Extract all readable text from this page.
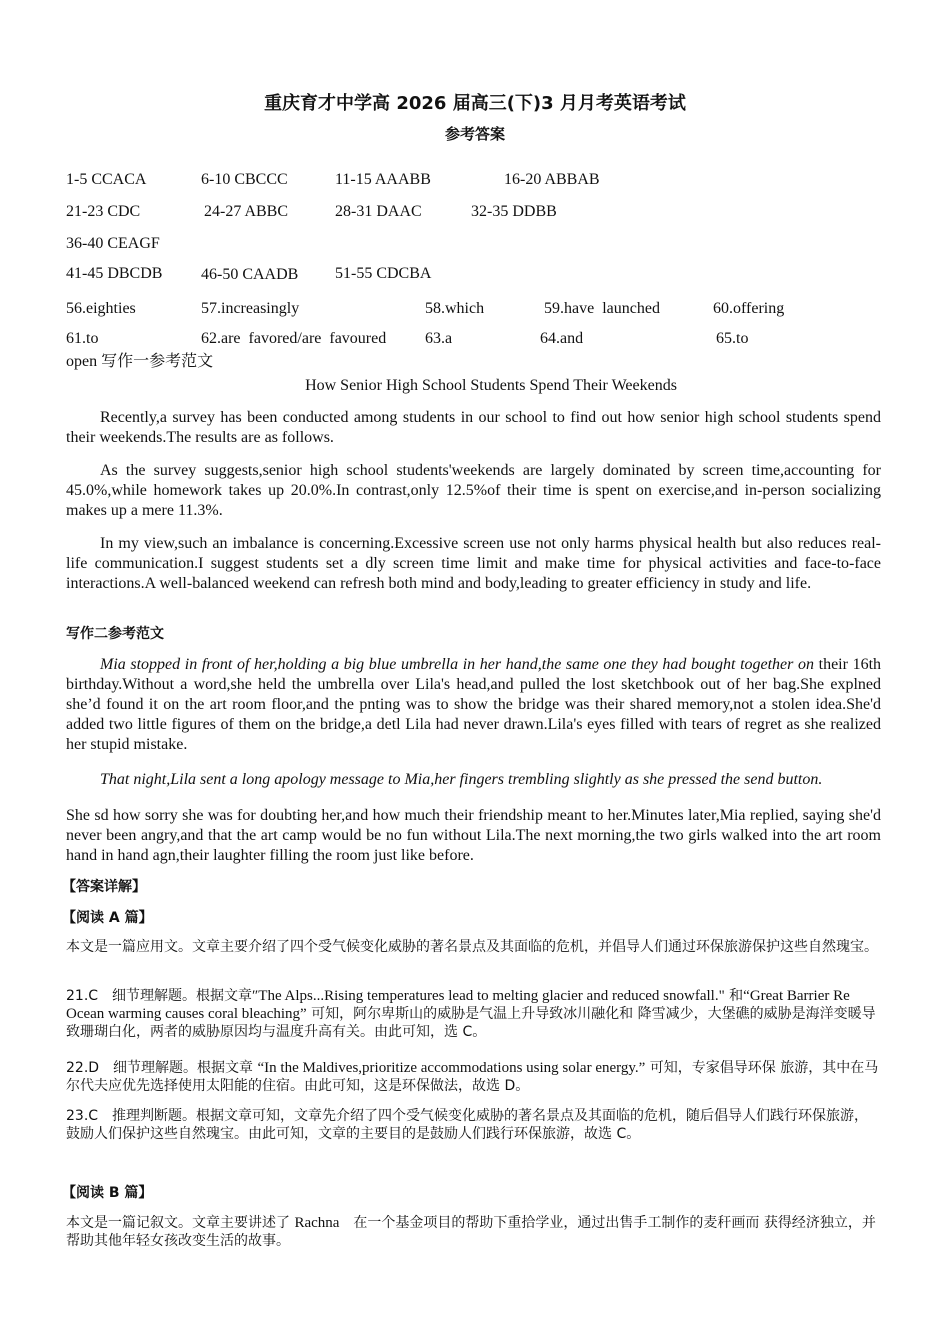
重庆育才中学高 2026 届高三(下)3 月月考英语考试
参考答案
1-5 CCACA	6-10 CBCCC	11-15 AAABB	16-20 ABBAB
21-23 CDC	24-27 ABBC	28-31 DAAC	32-35 DDBB
36-40 CEAGF
41-45 DBCDB 46-50 CAADB 51-55 CDCBA
56.eighties	57.increasingly	58.which	59.have  launched	60.offering
61.to	62.are  favored/are  favoured 63.a	64.and	65.to
open 写作一参考范文
How Senior High School Students Spend Their Weekends
Recently,a survey has been conducted among students in our school to find out how senior high school students spend their weekends.The results are as follows.
As the survey suggests,senior high school students'weekends are largely dominated by screen time,accounting for 45.0%,while homework takes up 20.0%.In contrast,only 12.5%of their time is spent on exercise,and in-person socializing makes up a mere 11.3%.
In my view,such an imbalance is concerning.Excessive screen use not only harms physical health but also reduces real-life communication.I suggest students set a dly screen time limit and make time for physical activities and face-to-face interactions.A well-balanced weekend can refresh both mind and body,leading to greater efficiency in study and life.
写作二参考范文
Mia stopped in front of her,holding a big blue umbrella in her hand,the same one they had bought together on their 16th birthday.Without a word,she held the umbrella over Lila's head,and pulled the lost sketchbook out of her bag.She explned she’d found it on the art room floor,and the pnting was to show the bridge was their shared memory,not a stolen idea.She'd added two little figures of them on the bridge,a detl Lila had never drawn.Lila's eyes filled with tears of regret as she realized her stupid mistake.
That night,Lila sent a long apology message to Mia,her fingers trembling slightly as she pressed the send button.
She sd how sorry she was for doubting her,and how much their friendship meant to her.Minutes later,Mia replied, saying she'd never been angry,and that the art camp would be no fun without Lila.The next morning,the two girls walked into the art room hand in hand agn,their laughter filling the room just like before.
【答案详解】
【阅读 A 篇】
本文是一篇应用文。文章主要介绍了四个受气候变化威胁的著名景点及其面临的危机，并倡导人们通过环保旅游保护这些自然瑰宝。
21.C　细节理解题。根据文章″The Alps...Rising temperatures lead to melting glacier and reduced snowfall." 和“Great Barrier Re　 Ocean warming causes coral bleaching” 可知，阿尔卑斯山的威胁是气温上升导致冰川融化和 降雪减少，大堡礁的威胁是海洋变暖导致珊瑚白化，两者的威胁原因均与温度升高有关。由此可知，选 C。
22.D　细节理解题。根据文章 “In the Maldives,prioritize accommodations using solar energy.” 可知，专家倡导环保 旅游，其中在马尔代夫应优先选择使用太阳能的住宿。由此可知，这是环保做法，故选 D。
23.C　推理判断题。根据文章可知，文章先介绍了四个受气候变化威胁的著名景点及其面临的危机，随后倡导人们践行环保旅游，鼓励人们保护这些自然瑰宝。由此可知，文章的主要目的是鼓励人们践行环保旅游，故选 C。
【阅读 B 篇】
本文是一篇记叙文。文章主要讲述了 Rachna　在一个基金项目的帮助下重拾学业，通过出售手工制作的麦秆画而 获得经济独立，并帮助其他年轻女孩改变生活的故事。
